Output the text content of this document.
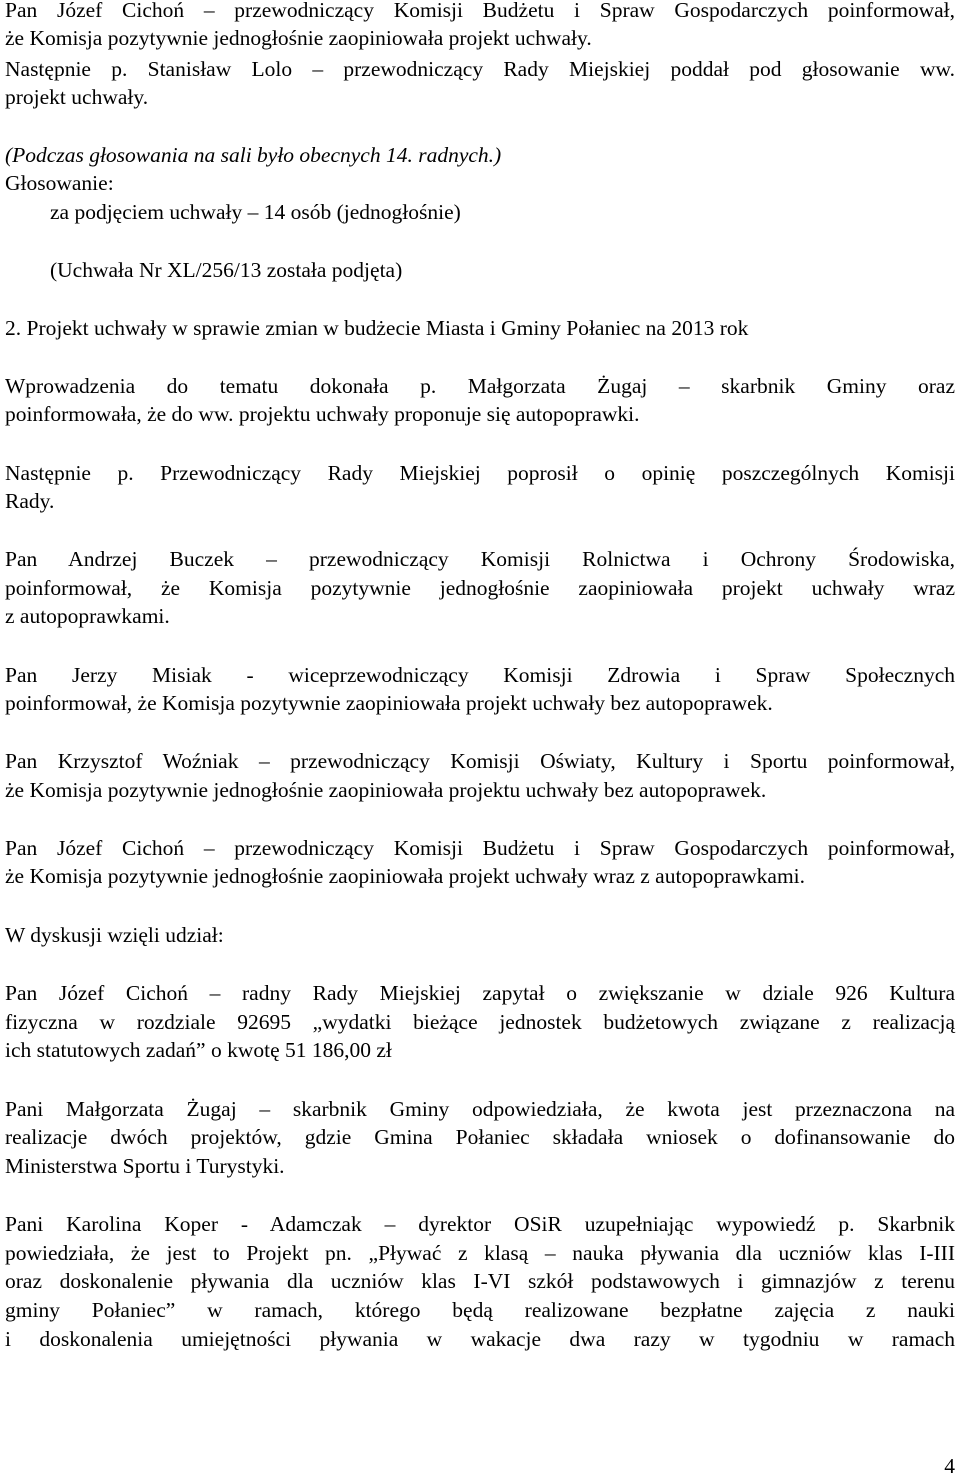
Pan Józef Cichoń – przewodniczący Komisji Budżetu i Spraw Gospodarczych poinformował,

że Komisja pozytywnie jednogłośnie zaopiniowała projekt uchwały.

Następnie p. Stanisław Lolo – przewodniczący Rady Miejskiej poddał pod głosowanie ww.

projekt uchwały.

(Podczas głosowania na sali było obecnych 14. radnych.)

Głosowanie:

za podjęciem uchwały – 14 osób (jednogłośnie)

(Uchwała Nr XL/256/13 została podjęta)

2. Projekt uchwały w sprawie zmian w budżecie Miasta i Gminy Połaniec na 2013 rok

Wprowadzenia do tematu dokonała p. Małgorzata Żugaj – skarbnik Gminy oraz

poinformowała, że do ww. projektu uchwały proponuje się autopoprawki.

Następnie p. Przewodniczący Rady Miejskiej poprosił o opinię poszczególnych Komisji

Rady.

Pan Andrzej Buczek – przewodniczący Komisji Rolnictwa i Ochrony Środowiska,

poinformował, że Komisja pozytywnie jednogłośnie zaopiniowała projekt uchwały wraz

z autopoprawkami.

Pan Jerzy Misiak - wiceprzewodniczący Komisji Zdrowia i Spraw Społecznych

poinformował, że Komisja pozytywnie zaopiniowała projekt uchwały bez autopoprawek.

Pan Krzysztof Woźniak – przewodniczący Komisji Oświaty, Kultury i Sportu poinformował,

że Komisja pozytywnie jednogłośnie zaopiniowała projektu uchwały bez autopoprawek.

Pan Józef Cichoń – przewodniczący Komisji Budżetu i Spraw Gospodarczych poinformował,

że Komisja pozytywnie jednogłośnie zaopiniowała projekt uchwały wraz z autopoprawkami.

W dyskusji wzięli udział:

Pan Józef Cichoń – radny Rady Miejskiej zapytał o zwiększanie w dziale 926 Kultura

fizyczna w rozdziale 92695 „wydatki bieżące jednostek budżetowych związane z realizacją

ich statutowych zadań” o kwotę 51 186,00 zł

Pani Małgorzata Żugaj – skarbnik Gminy odpowiedziała, że kwota jest przeznaczona na

realizacje dwóch projektów, gdzie Gmina Połaniec składała wniosek o dofinansowanie do

Ministerstwa Sportu i Turystyki.

Pani Karolina Koper - Adamczak – dyrektor OSiR uzupełniając wypowiedź p. Skarbnik

powiedziała, że jest to Projekt pn. „Pływać z klasą – nauka pływania dla uczniów klas I-III

oraz doskonalenie pływania dla uczniów klas I-VI szkół podstawowych i gimnazjów z terenu

gminy Połaniec” w ramach, którego będą realizowane bezpłatne zajęcia z nauki

i doskonalenia umiejętności pływania w wakacje dwa razy w tygodniu w ramach

4
